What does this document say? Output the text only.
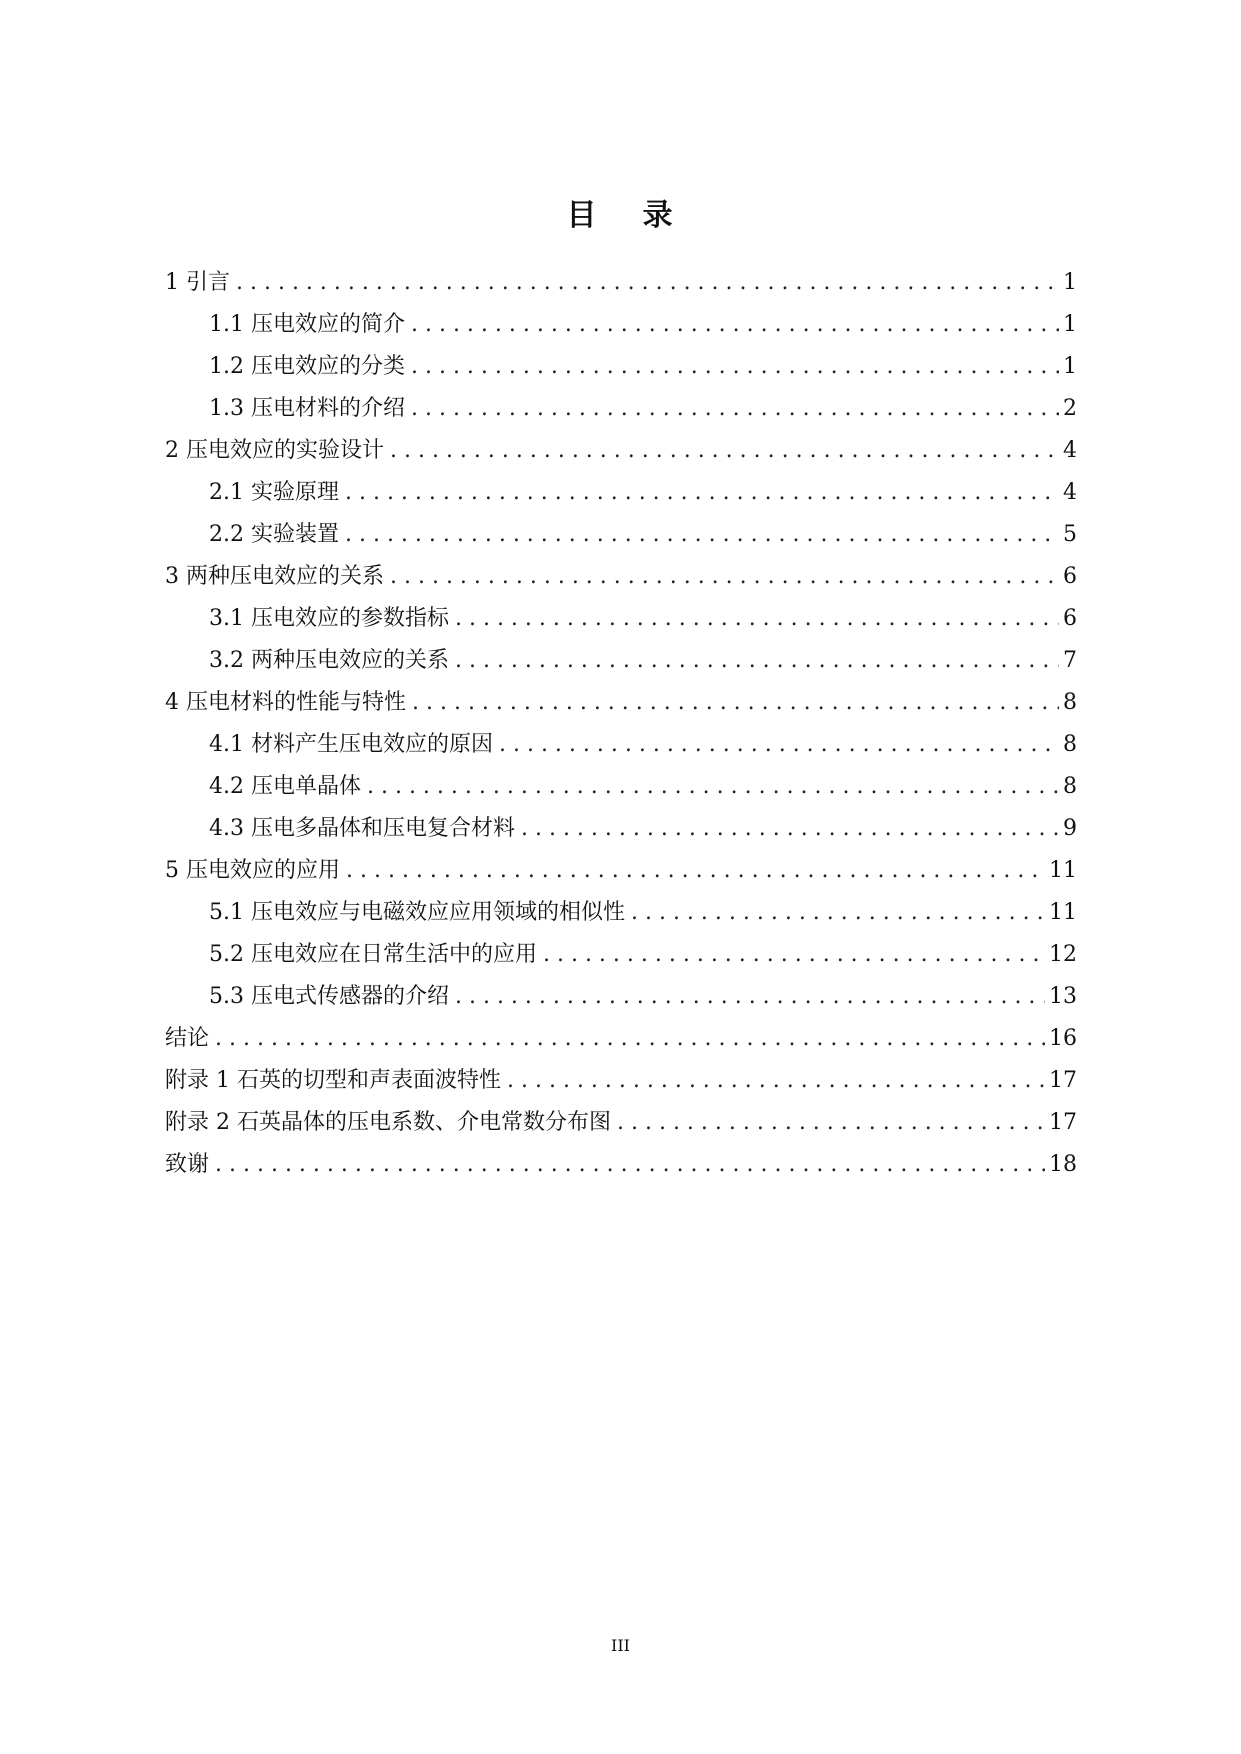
目 录
1 引言 . . .	1
1.1 压电效应的简介 . . .	1
1.2 压电效应的分类 . . .	1
1.3 压电材料的介绍 . . .	2
2 压电效应的实验设计 . . .	4
2.1 实验原理 . . .	4
2.2 实验装置 . . .	5
3 两种压电效应的关系 . . .	6
3.1 压电效应的参数指标 . . .	6
3.2 两种压电效应的关系 . . .	7
4 压电材料的性能与特性 . . .	8
4.1 材料产生压电效应的原因 . . .	8
4.2 压电单晶体 . . .	8
4.3 压电多晶体和压电复合材料 . . .	9
5 压电效应的应用 . . .	11
5.1 压电效应与电磁效应应用领域的相似性 . . .	11
5.2 压电效应在日常生活中的应用 . . .	12
5.3 压电式传感器的介绍 . . .	13
结论 . . .	16
附录 1 石英的切型和声表面波特性 . . .	17
附录 2 石英晶体的压电系数、介电常数分布图 . . .	17
致谢 . . .	18
III
